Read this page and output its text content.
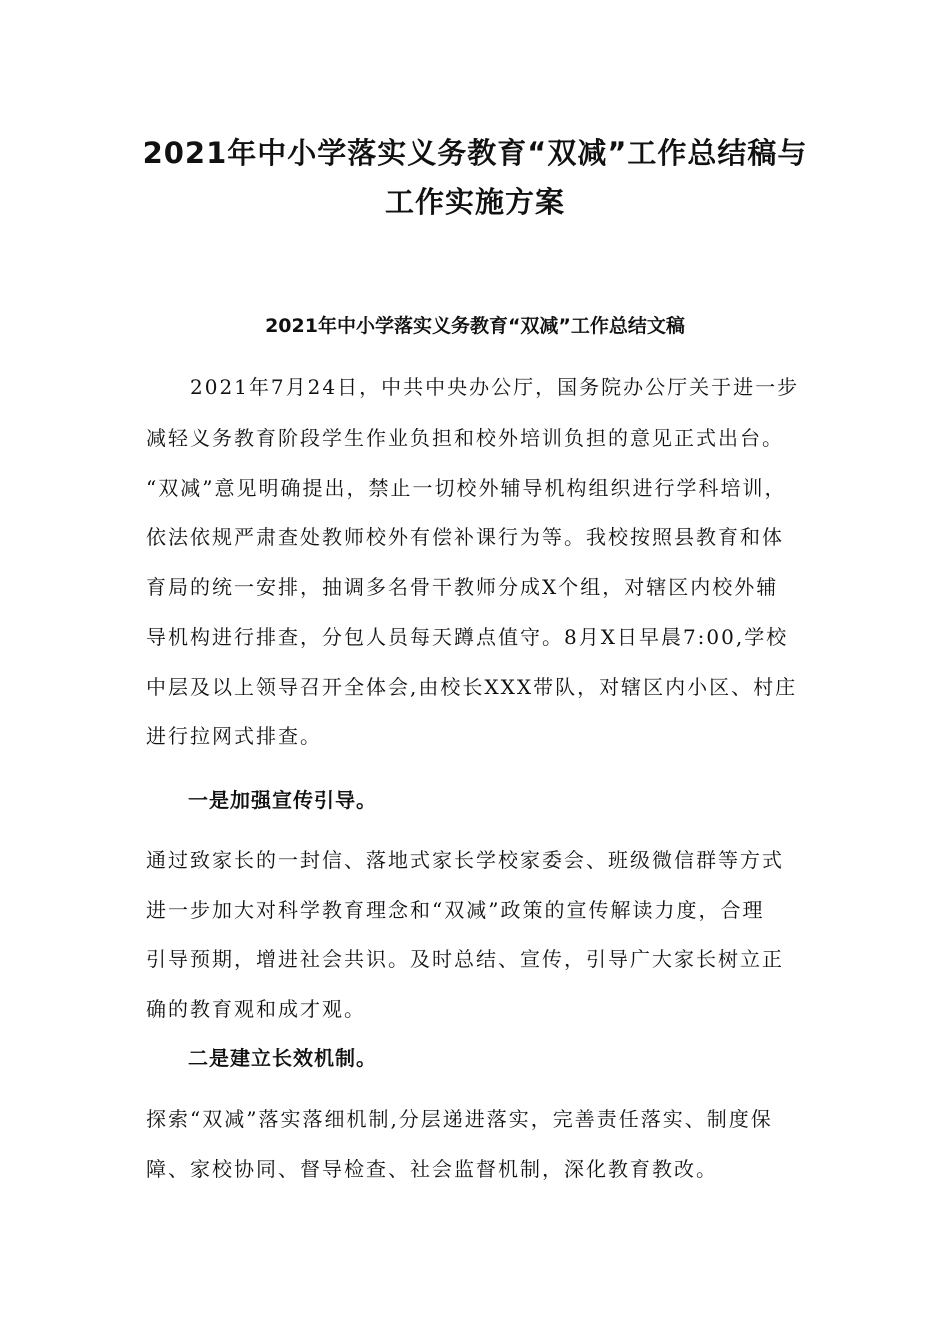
2021年中小学落实义务教育“双减”工作总结稿与
工作实施方案
2021年中小学落实义务教育“双减”工作总结文稿
　　2021年7月24日，中共中央办公厅，国务院办公厅关于进一步
减轻义务教育阶段学生作业负担和校外培训负担的意见正式出台。
“双减”意见明确提出，禁止一切校外辅导机构组织进行学科培训，
依法依规严肃查处教师校外有偿补课行为等。我校按照县教育和体
育局的统一安排，抽调多名骨干教师分成X个组，对辖区内校外辅
导机构进行排查，分包人员每天蹲点值守。8月X日早晨7:00,学校
中层及以上领导召开全体会,由校长XXX带队，对辖区内小区、村庄
进行拉网式排查。
一是加强宣传引导。
通过致家长的一封信、落地式家长学校家委会、班级微信群等方式
进一步加大对科学教育理念和“双减”政策的宣传解读力度，合理
引导预期，增进社会共识。及时总结、宣传，引导广大家长树立正
确的教育观和成才观。
二是建立长效机制。
探索“双减”落实落细机制,分层递进落实，完善责任落实、制度保
障、家校协同、督导检查、社会监督机制，深化教育教改。
